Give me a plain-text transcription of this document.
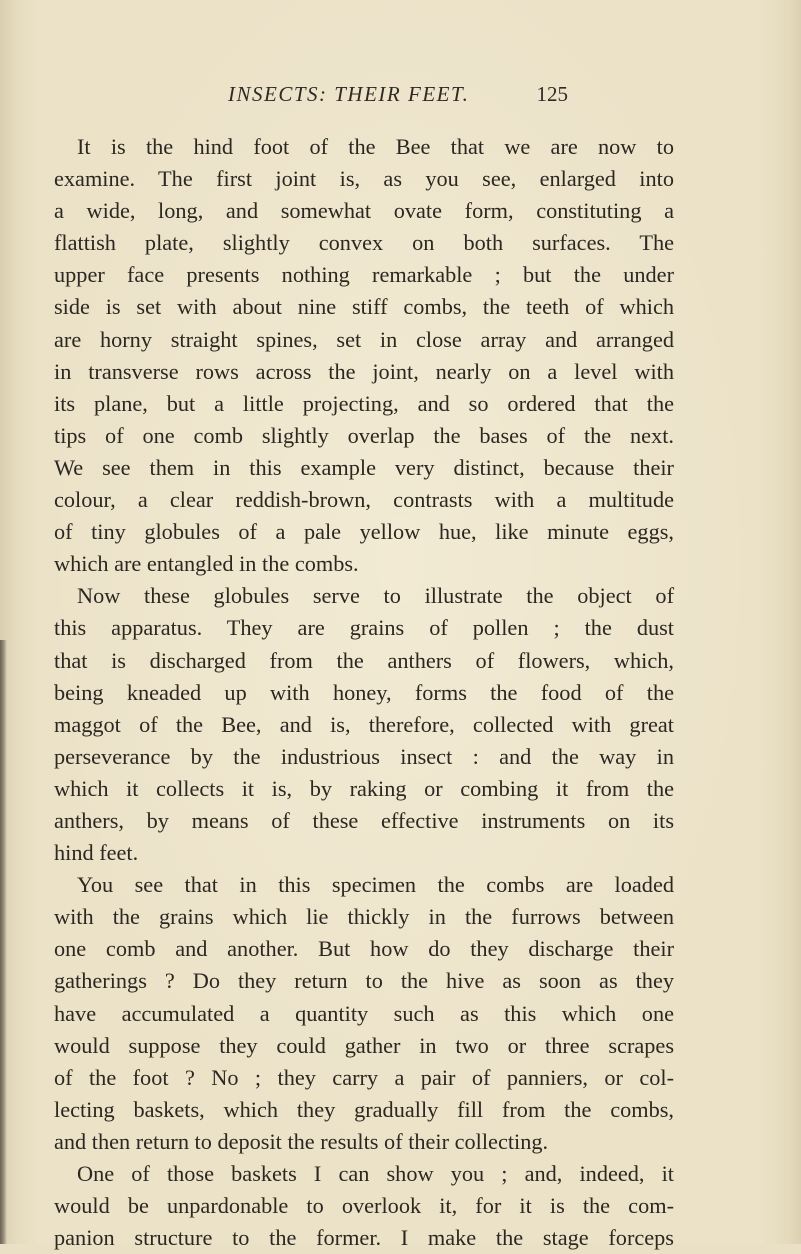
INSECTS: THEIR FEET.	125
It is the hind foot of the Bee that we are now to
examine. The first joint is, as you see, enlarged into
a wide, long, and somewhat ovate form, constituting a
flattish plate, slightly convex on both surfaces. The
upper face presents nothing remarkable ; but the under
side is set with about nine stiff combs, the teeth of which
are horny straight spines, set in close array and arranged
in transverse rows across the joint, nearly on a level with
its plane, but a little projecting, and so ordered that the
tips of one comb slightly overlap the bases of the next.
We see them in this example very distinct, because their
colour, a clear reddish-brown, contrasts with a multitude
of tiny globules of a pale yellow hue, like minute eggs,
which are entangled in the combs.
Now these globules serve to illustrate the object of
this apparatus. They are grains of pollen ; the dust
that is discharged from the anthers of flowers, which,
being kneaded up with honey, forms the food of the
maggot of the Bee, and is, therefore, collected with great
perseverance by the industrious insect : and the way in
which it collects it is, by raking or combing it from the
anthers, by means of these effective instruments on its
hind feet.
You see that in this specimen the combs are loaded
with the grains which lie thickly in the furrows between
one comb and another. But how do they discharge their
gatherings ? Do they return to the hive as soon as they
have accumulated a quantity such as this which one
would suppose they could gather in two or three scrapes
of the foot ? No ; they carry a pair of panniers, or col-
lecting baskets, which they gradually fill from the combs,
and then return to deposit the results of their collecting.
One of those baskets I can show you ; and, indeed, it
would be unpardonable to overlook it, for it is the com-
panion structure to the former. I make the stage forceps
